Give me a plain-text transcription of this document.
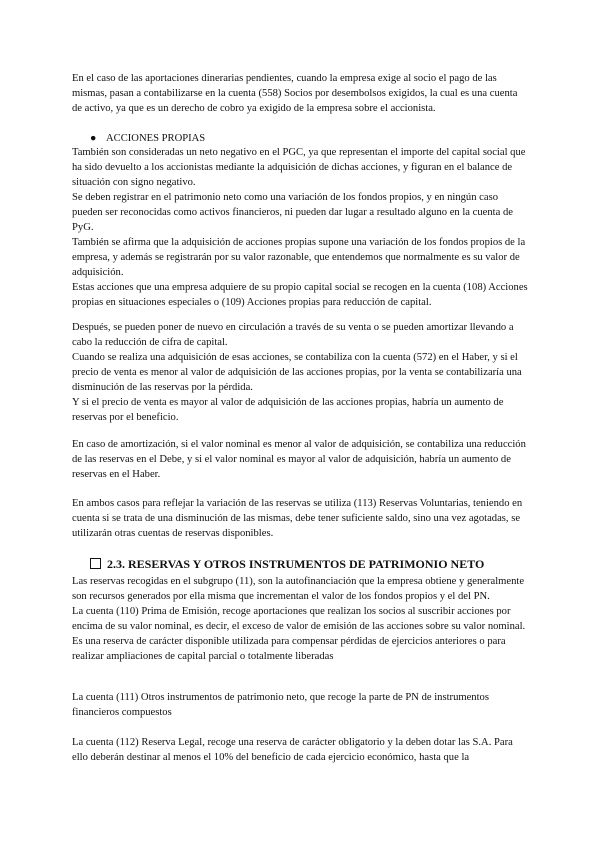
En el caso de las aportaciones dinerarias pendientes, cuando la empresa exige al socio el pago de las mismas, pasan a contabilizarse en la cuenta (558) Socios por desembolsos exigidos, la cual es una cuenta de activo, ya que es un derecho de cobro ya exigido de la empresa sobre el accionista.

● ACCIONES PROPIAS

También son consideradas un neto negativo en el PGC, ya que representan el importe del capital social que ha sido devuelto a los accionistas mediante la adquisición de dichas acciones, y figuran en el balance de situación con signo negativo.

Se deben registrar en el patrimonio neto como una variación de los fondos propios, y en ningún caso pueden ser reconocidas como activos financieros, ni pueden dar lugar a resultado alguno en la cuenta de PyG.

También se afirma que la adquisición de acciones propias supone una variación de los fondos propios de la empresa, y además se registrarán por su valor razonable, que entendemos que normalmente es su valor de adquisición.

Estas acciones que una empresa adquiere de su propio capital social se recogen en la cuenta (108) Acciones propias en situaciones especiales o (109) Acciones propias para reducción de capital.

Después, se pueden poner de nuevo en circulación a través de su venta o se pueden amortizar llevando a cabo la reducción de cifra de capital.

Cuando se realiza una adquisición de esas acciones, se contabiliza con la cuenta (572) en el Haber, y si el precio de venta es menor al valor de adquisición de las acciones propias, por la venta se contabilizaría una disminución de las reservas por la pérdida.

Y si el precio de venta es mayor al valor de adquisición de las acciones propias, habría un aumento de reservas por el beneficio.

En caso de amortización, si el valor nominal es menor al valor de adquisición, se contabiliza una reducción de las reservas en el Debe, y si el valor nominal es mayor al valor de adquisición, habría un aumento de reservas en el Haber.

En ambos casos para reflejar la variación de las reservas se utiliza (113) Reservas Voluntarias, teniendo en cuenta si se trata de una disminución de las mismas, debe tener suficiente saldo, sino una vez agotadas, se utilizarán otras cuentas de reservas disponibles.

2.3. RESERVAS Y OTROS INSTRUMENTOS DE PATRIMONIO NETO

Las reservas recogidas en el subgrupo (11), son la autofinanciación que la empresa obtiene y generalmente son recursos generados por ella misma que incrementan el valor de los fondos propios y el del PN.

La cuenta (110) Prima de Emisión, recoge aportaciones que realizan los socios al suscribir acciones por encima de su valor nominal, es decir, el exceso de valor de emisión de las acciones sobre su valor nominal. Es una reserva de carácter disponible utilizada para compensar pérdidas de ejercicios anteriores o para realizar ampliaciones de capital parcial o totalmente liberadas

La cuenta (111) Otros instrumentos de patrimonio neto, que recoge la parte de PN de instrumentos financieros compuestos

La cuenta (112) Reserva Legal, recoge una reserva de carácter obligatorio y la deben dotar las S.A. Para ello deberán destinar al menos el 10% del beneficio de cada ejercicio económico, hasta que la
